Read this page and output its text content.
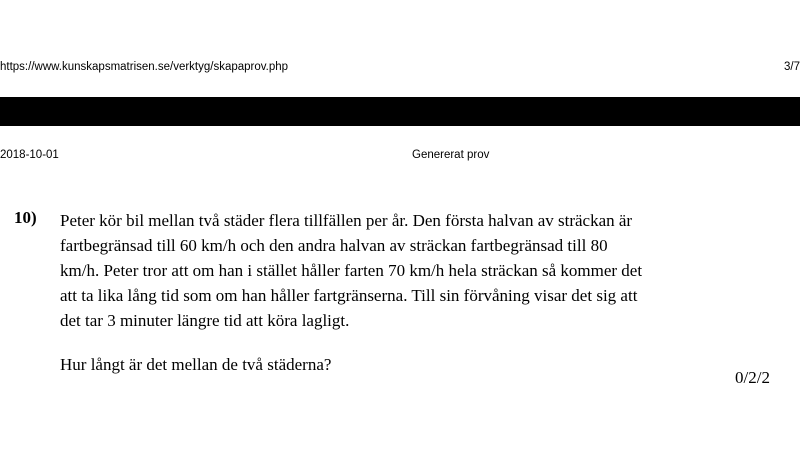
https://www.kunskapsmatrisen.se/verktyg/skapaprov.php	3/7
2018-10-01	Genererat prov
10) Peter kör bil mellan två städer flera tillfällen per år. Den första halvan av sträckan är
fartbegränsad till 60 km/h och den andra halvan av sträckan fartbegränsad till 80
km/h. Peter tror att om han i stället håller farten 70 km/h hela sträckan så kommer det
att ta lika lång tid som om han håller fartgränserna. Till sin förvåning visar det sig att
det tar 3 minuter längre tid att köra lagligt.
Hur långt är det mellan de två städerna?
0/2/2
